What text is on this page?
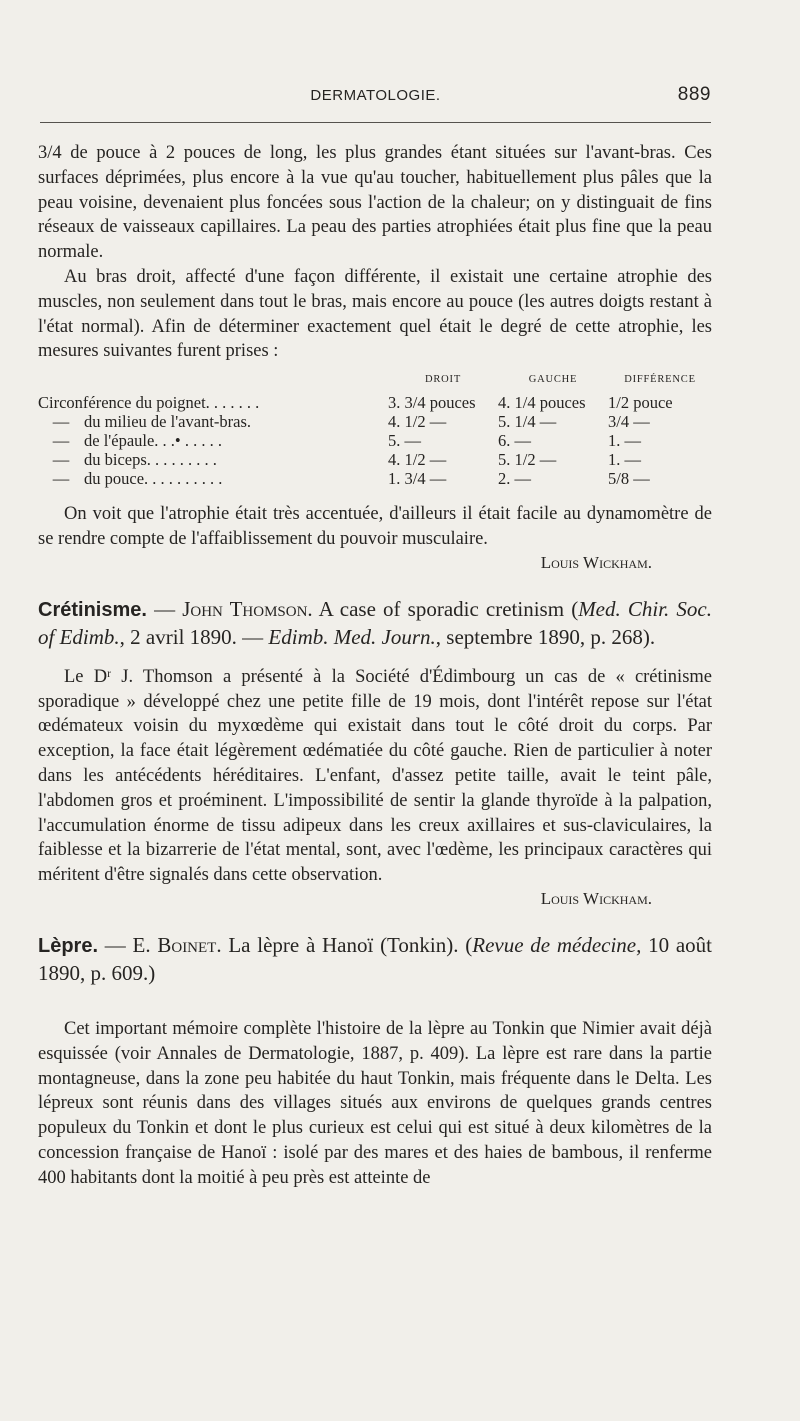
DERMATOLOGIE.	889

3/4 de pouce à 2 pouces de long, les plus grandes étant situées sur l'avant-bras. Ces surfaces déprimées, plus encore à la vue qu'au toucher, habituellement plus pâles que la peau voisine, devenaient plus foncées sous l'action de la chaleur; on y distinguait de fins réseaux de vaisseaux capillaires. La peau des parties atrophiées était plus fine que la peau normale.

Au bras droit, affecté d'une façon différente, il existait une certaine atrophie des muscles, non seulement dans tout le bras, mais encore au pouce (les autres doigts restant à l'état normal). Afin de déterminer exactement quel était le degré de cette atrophie, les mesures suivantes furent prises :

	DROIT	GAUCHE	DIFFÉRENCE
Circonférence du poignet. . . . . . .	3. 3/4 pouces	4. 1/4 pouces	1/2 pouce
— du milieu de l'avant-bras.	4. 1/2 —	5. 1/4 —	3/4 —
— de l'épaule. . .• . . . . .	5. —	6. —	1. —
— du biceps. . . . . . . . .	4. 1/2 —	5. 1/2 —	1. —
— du pouce. . . . . . . . . .	1. 3/4 —	2. —	5/8 —

On voit que l'atrophie était très accentuée, d'ailleurs il était facile au dynamomètre de se rendre compte de l'affaiblissement du pouvoir musculaire.

Louis Wickham.
Crétinisme. — John Thomson. A case of sporadic cretinism (Med. Chir. Soc. of Edimb., 2 avril 1890. — Edimb. Med. Journ., septembre 1890, p. 268).

Le Dʳ J. Thomson a présenté à la Société d'Édimbourg un cas de « crétinisme sporadique » développé chez une petite fille de 19 mois, dont l'intérêt repose sur l'état œdémateux voisin du myxœdème qui existait dans tout le côté droit du corps. Par exception, la face était légèrement œdématiée du côté gauche. Rien de particulier à noter dans les antécédents héréditaires. L'enfant, d'assez petite taille, avait le teint pâle, l'abdomen gros et proéminent. L'impossibilité de sentir la glande thyroïde à la palpation, l'accumulation énorme de tissu adipeux dans les creux axillaires et sus-claviculaires, la faiblesse et la bizarrerie de l'état mental, sont, avec l'œdème, les principaux caractères qui méritent d'être signalés dans cette observation.

Louis Wickham.
Lèpre. — E. Boinet. La lèpre à Hanoï (Tonkin). (Revue de médecine, 10 août 1890, p. 609.)

Cet important mémoire complète l'histoire de la lèpre au Tonkin que Nimier avait déjà esquissée (voir Annales de Dermatologie, 1887, p. 409). La lèpre est rare dans la partie montagneuse, dans la zone peu habitée du haut Tonkin, mais fréquente dans le Delta. Les lépreux sont réunis dans des villages situés aux environs de quelques grands centres populeux du Tonkin et dont le plus curieux est celui qui est situé à deux kilomètres de la concession française de Hanoï : isolé par des mares et des haies de bambous, il renferme 400 habitants dont la moitié à peu près est atteinte de
